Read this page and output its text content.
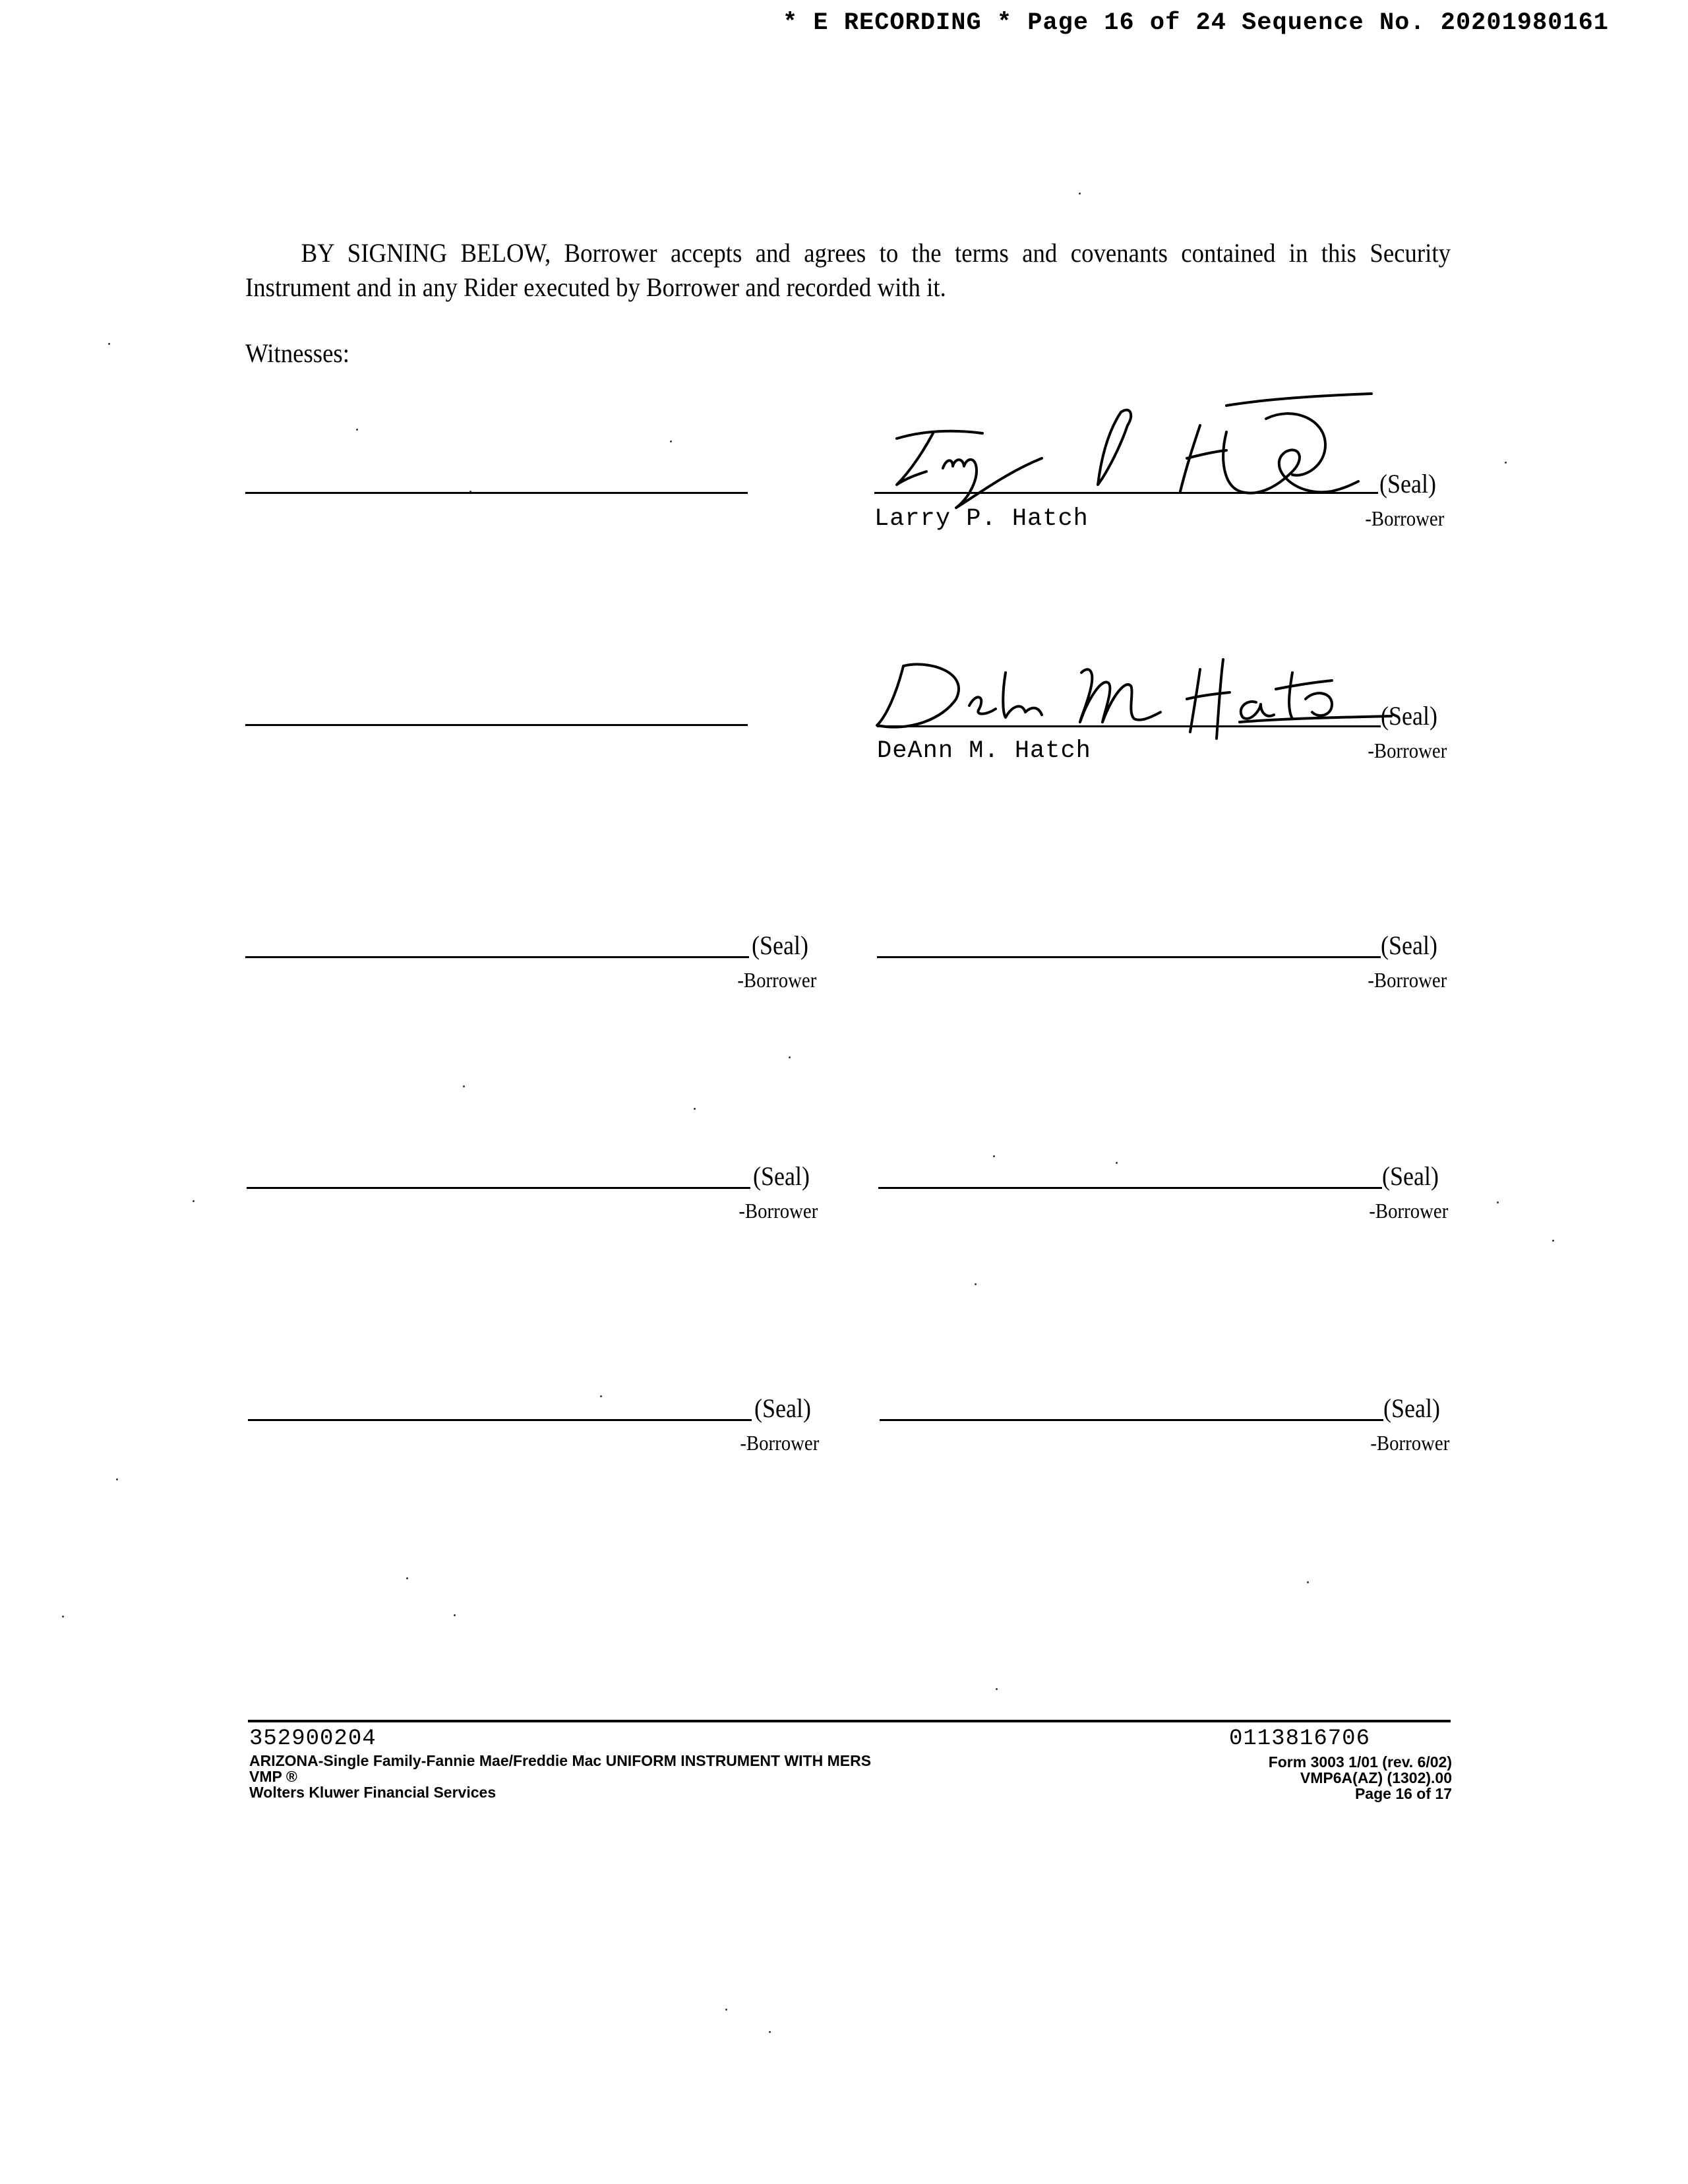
* E RECORDING * Page 16 of 24 Sequence No. 20201980161
BY SIGNING BELOW, Borrower accepts and agrees to the terms and covenants contained in this Security Instrument and in any Rider executed by Borrower and recorded with it.
Witnesses:
(Seal)
Larry P. Hatch	-Borrower
(Seal)
DeAnn M. Hatch	-Borrower
(Seal)
-Borrower
(Seal)
-Borrower
(Seal)
-Borrower
(Seal)
-Borrower
(Seal)
-Borrower
(Seal)
-Borrower
352900204
ARIZONA-Single Family-Fannie Mae/Freddie Mac UNIFORM INSTRUMENT WITH MERS
VMP ®
Wolters Kluwer Financial Services
0113816706
Form 3003 1/01 (rev. 6/02)
VMP6A(AZ) (1302).00
Page 16 of 17
